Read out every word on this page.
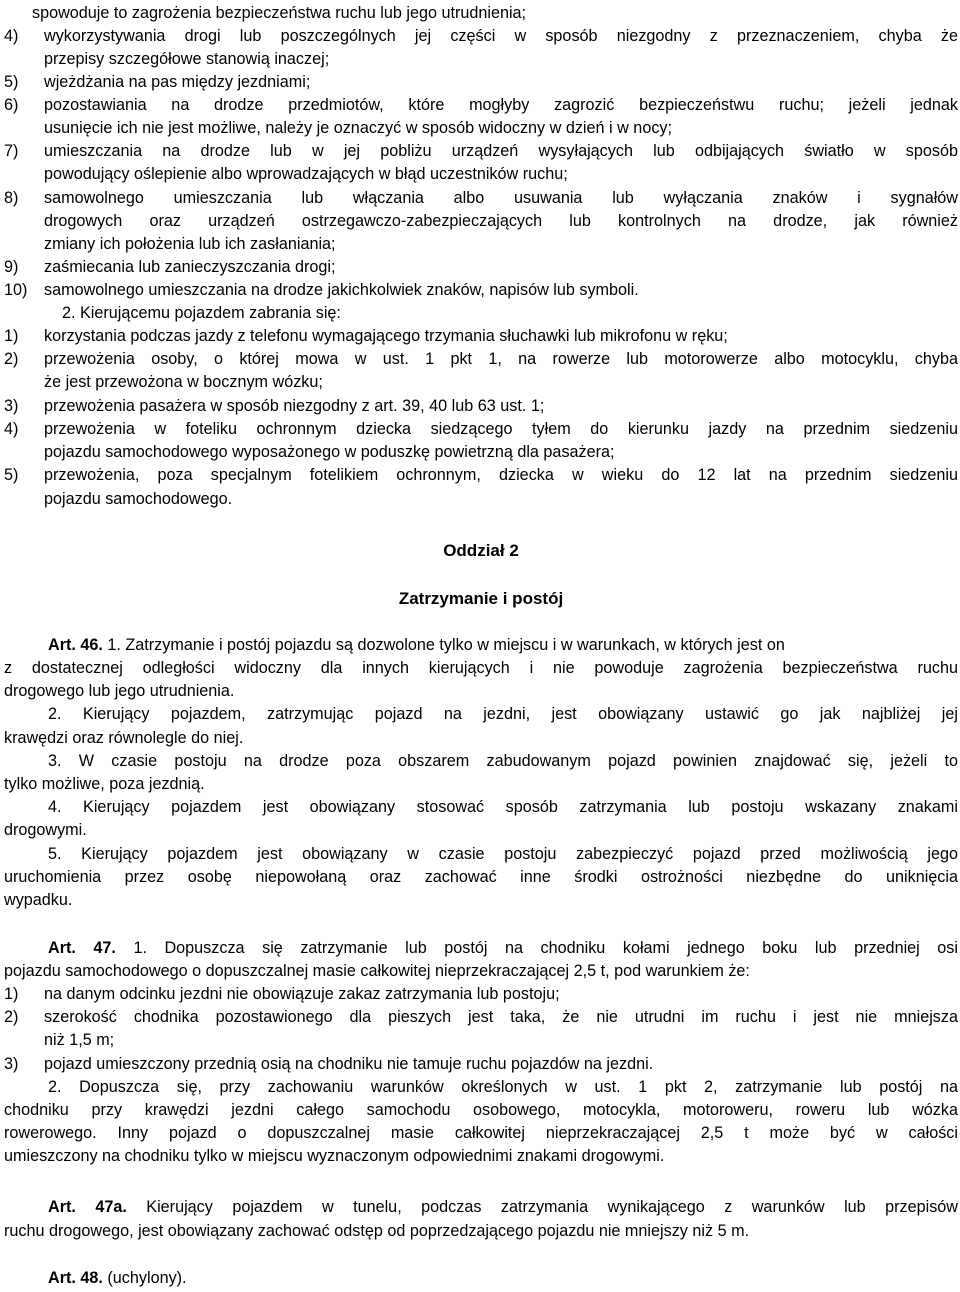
spowoduje to zagrożenia bezpieczeństwa ruchu lub jego utrudnienia;
4)	wykorzystywania drogi lub poszczególnych jej części w sposób niezgodny z przeznaczeniem, chyba że
przepisy szczegółowe stanowią inaczej;
5)	wjeżdżania na pas między jezdniami;
6)	pozostawiania na drodze przedmiotów, które mogłyby zagrozić bezpieczeństwu ruchu; jeżeli jednak
usunięcie ich nie jest możliwe, należy je oznaczyć w sposób widoczny w dzień i w nocy;
7)	umieszczania na drodze lub w jej pobliżu urządzeń wysyłających lub odbijających światło w sposób
powodujący oślepienie albo wprowadzających w błąd uczestników ruchu;
8)	samowolnego umieszczania lub włączania albo usuwania lub wyłączania znaków i sygnałów
drogowych oraz urządzeń ostrzegawczo-zabezpieczających lub kontrolnych na drodze, jak również
zmiany ich położenia lub ich zasłaniania;
9)	zaśmiecania lub zanieczyszczania drogi;
10)	samowolnego umieszczania na drodze jakichkolwiek znaków, napisów lub symboli.
2. Kierującemu pojazdem zabrania się:
1)	korzystania podczas jazdy z telefonu wymagającego trzymania słuchawki lub mikrofonu w ręku;
2)	przewożenia osoby, o której mowa w ust. 1 pkt 1, na rowerze lub motorowerze albo motocyklu, chyba
że jest przewożona w bocznym wózku;
3)	przewożenia pasażera w sposób niezgodny z art. 39, 40 lub 63 ust. 1;
4)	przewożenia w foteliku ochronnym dziecka siedzącego tyłem do kierunku jazdy na przednim siedzeniu
pojazdu samochodowego wyposażonego w poduszkę powietrzną dla pasażera;
5)	przewożenia, poza specjalnym fotelikiem ochronnym, dziecka w wieku do 12 lat na przednim siedzeniu
pojazdu samochodowego.
Oddział 2
Zatrzymanie i postój
Art. 46. 1. Zatrzymanie i postój pojazdu są dozwolone tylko w miejscu i w warunkach, w których jest on
z dostatecznej odległości widoczny dla innych kierujących i nie powoduje zagrożenia bezpieczeństwa ruchu
drogowego lub jego utrudnienia.
2. Kierujący pojazdem, zatrzymując pojazd na jezdni, jest obowiązany ustawić go jak najbliżej jej
krawędzi oraz równolegle do niej.
3. W czasie postoju na drodze poza obszarem zabudowanym pojazd powinien znajdować się, jeżeli to
tylko możliwe, poza jezdnią.
4. Kierujący pojazdem jest obowiązany stosować sposób zatrzymania lub postoju wskazany znakami
drogowymi.
5. Kierujący pojazdem jest obowiązany w czasie postoju zabezpieczyć pojazd przed możliwością jego
uruchomienia przez osobę niepowołaną oraz zachować inne środki ostrożności niezbędne do uniknięcia
wypadku.
Art. 47. 1. Dopuszcza się zatrzymanie lub postój na chodniku kołami jednego boku lub przedniej osi
pojazdu samochodowego o dopuszczalnej masie całkowitej nieprzekraczającej 2,5 t, pod warunkiem że:
1)	na danym odcinku jezdni nie obowiązuje zakaz zatrzymania lub postoju;
2)	szerokość chodnika pozostawionego dla pieszych jest taka, że nie utrudni im ruchu i jest nie mniejsza
niż 1,5 m;
3)	pojazd umieszczony przednią osią na chodniku nie tamuje ruchu pojazdów na jezdni.
2. Dopuszcza się, przy zachowaniu warunków określonych w ust. 1 pkt 2, zatrzymanie lub postój na
chodniku przy krawędzi jezdni całego samochodu osobowego, motocykla, motoroweru, roweru lub wózka
rowerowego. Inny pojazd o dopuszczalnej masie całkowitej nieprzekraczającej 2,5 t może być w całości
umieszczony na chodniku tylko w miejscu wyznaczonym odpowiednimi znakami drogowymi.
Art. 47a. Kierujący pojazdem w tunelu, podczas zatrzymania wynikającego z warunków lub przepisów
ruchu drogowego, jest obowiązany zachować odstęp od poprzedzającego pojazdu nie mniejszy niż 5 m.
Art. 48. (uchylony).
